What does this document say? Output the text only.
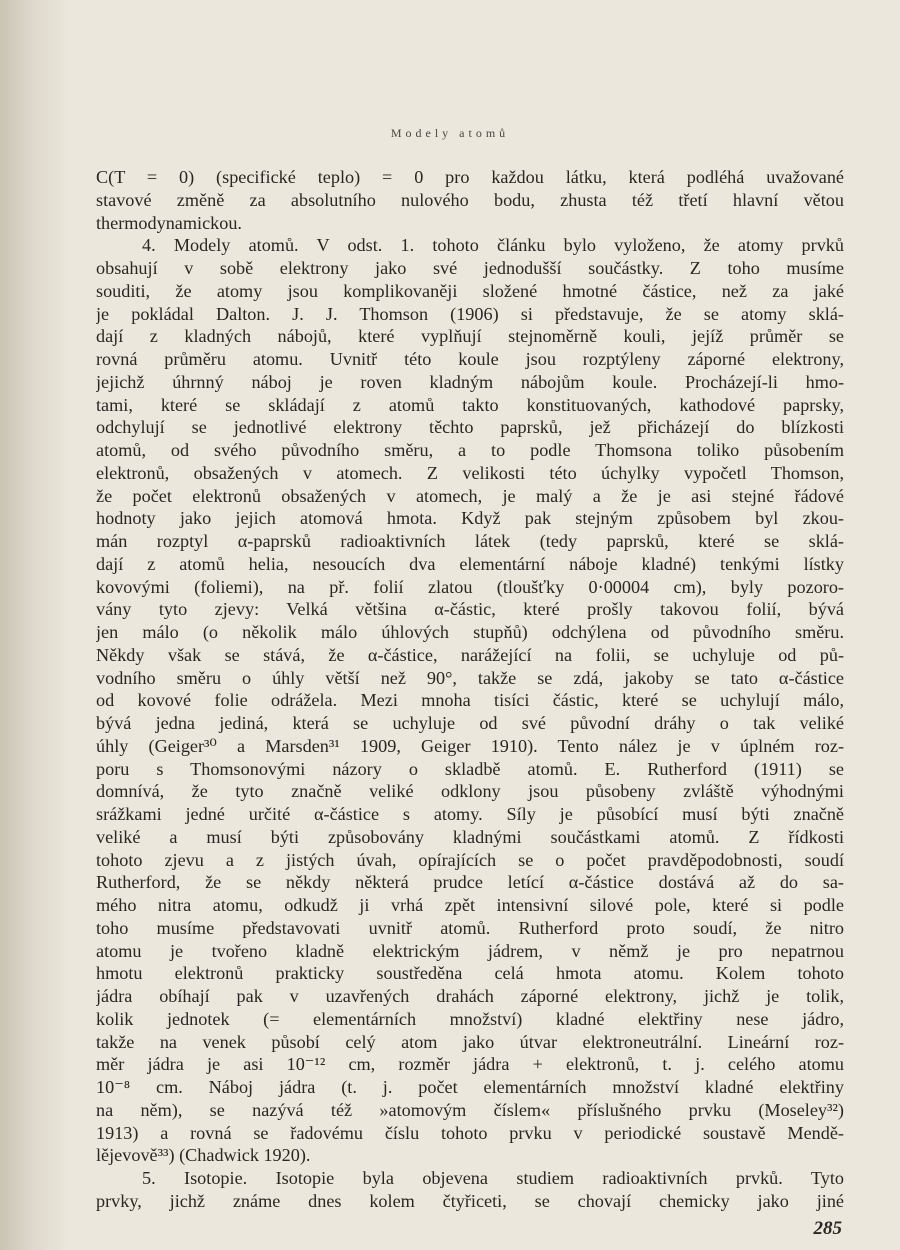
Modely atomů
C(T = 0) (specifické teplo) = 0 pro každou látku, která podléhá uvažované
stavové změně za absolutního nulového bodu, zhusta též třetí hlavní větou
thermodynamickou.
4. Modely atomů. V odst. 1. tohoto článku bylo vyloženo, že atomy prvků
obsahují v sobě elektrony jako své jednodušší součástky. Z toho musíme
souditi, že atomy jsou komplikovaněji složené hmotné částice, než za jaké
je pokládal Dalton. J. J. Thomson (1906) si představuje, že se atomy sklá-
dají z kladných nábojů, které vyplňují stejnoměrně kouli, jejíž průměr se
rovná průměru atomu. Uvnitř této koule jsou rozptýleny záporné elektrony,
jejichž úhrnný náboj je roven kladným nábojům koule. Procházejí-li hmo-
tami, které se skládají z atomů takto konstituovaných, kathodové paprsky,
odchylují se jednotlivé elektrony těchto paprsků, jež přicházejí do blízkosti
atomů, od svého původního směru, a to podle Thomsona toliko působením
elektronů, obsažených v atomech. Z velikosti této úchylky vypočetl Thomson,
že počet elektronů obsažených v atomech, je malý a že je asi stejné řádové
hodnoty jako jejich atomová hmota. Když pak stejným způsobem byl zkou-
mán rozptyl α-paprsků radioaktivních látek (tedy paprsků, které se sklá-
dají z atomů helia, nesoucích dva elementární náboje kladné) tenkými lístky
kovovými (foliemi), na př. folií zlatou (tloušťky 0·00004 cm), byly pozoro-
vány tyto zjevy: Velká většina α-částic, které prošly takovou folií, bývá
jen málo (o několik málo úhlových stupňů) odchýlena od původního směru.
Někdy však se stává, že α-částice, narážející na folii, se uchyluje od pů-
vodního směru o úhly větší než 90°, takže se zdá, jakoby se tato α-částice
od kovové folie odrážela. Mezi mnoha tisíci částic, které se uchylují málo,
bývá jedna jediná, která se uchyluje od své původní dráhy o tak veliké
úhly (Geiger³⁰ a Marsden³¹ 1909, Geiger 1910). Tento nález je v úplném roz-
poru s Thomsonovými názory o skladbě atomů. E. Rutherford (1911) se
domnívá, že tyto značně veliké odklony jsou působeny zvláště výhodnými
srážkami jedné určité α-částice s atomy. Síly je působící musí býti značně
veliké a musí býti způsobovány kladnými součástkami atomů. Z řídkosti
tohoto zjevu a z jistých úvah, opírajících se o počet pravděpodobnosti, soudí
Rutherford, že se někdy některá prudce letící α-částice dostává až do sa-
mého nitra atomu, odkudž ji vrhá zpět intensivní silové pole, které si podle
toho musíme představovati uvnitř atomů. Rutherford proto soudí, že nitro
atomu je tvořeno kladně elektrickým jádrem, v němž je pro nepatrnou
hmotu elektronů prakticky soustředěna celá hmota atomu. Kolem tohoto
jádra obíhají pak v uzavřených drahách záporné elektrony, jichž je tolik,
kolik jednotek (= elementárních množství) kladné elektřiny nese jádro,
takže na venek působí celý atom jako útvar elektroneutrální. Lineární roz-
měr jádra je asi 10⁻¹² cm, rozměr jádra + elektronů, t. j. celého atomu
10⁻⁸ cm. Náboj jádra (t. j. počet elementárních množství kladné elektřiny
na něm), se nazývá též »atomovým číslem« příslušného prvku (Moseley³²)
1913) a rovná se řadovému číslu tohoto prvku v periodické soustavě Mendě-
lějevově³³) (Chadwick 1920).
5. Isotopie. Isotopie byla objevena studiem radioaktivních prvků. Tyto
prvky, jichž známe dnes kolem čtyřiceti, se chovají chemicky jako jiné
285
